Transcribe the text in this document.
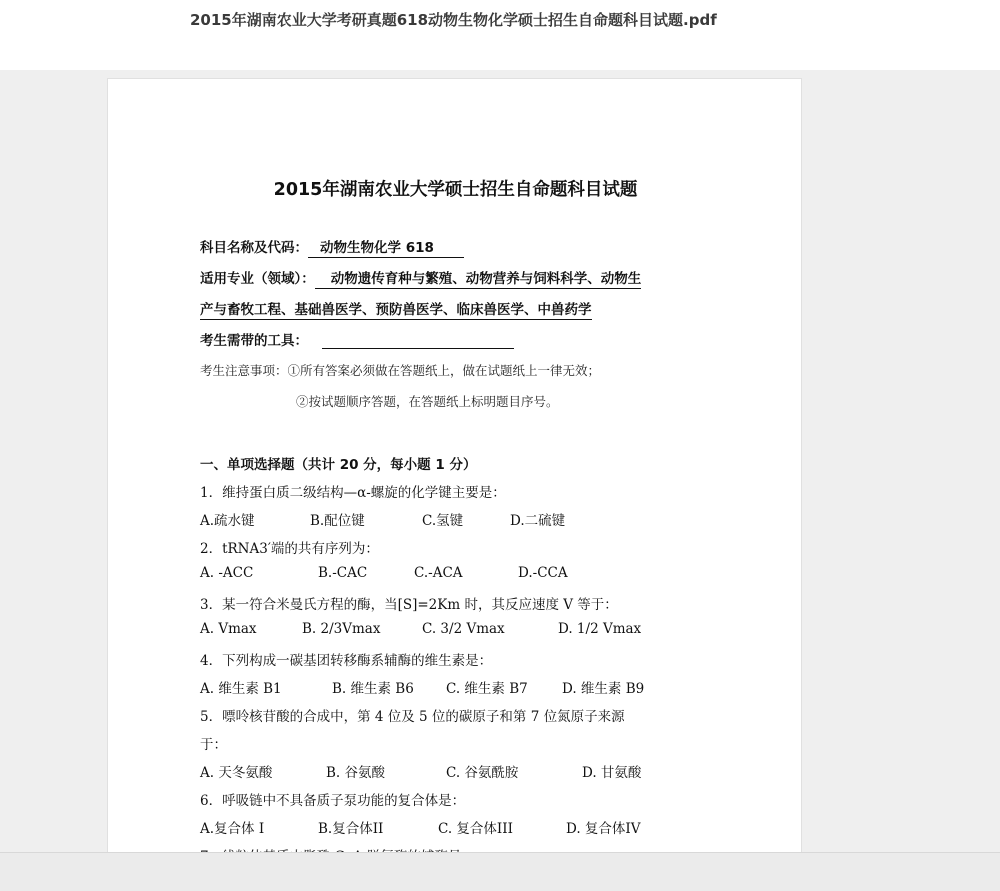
2015年湖南农业大学考研真题618动物生物化学硕士招生自命题科目试题.pdf
2015年湖南农业大学硕士招生自命题科目试题
科目名称及代码： 动物生物化学 618
适用专业（领域）： 动物遗传育种与繁殖、动物营养与饲料科学、动物生
产与畜牧工程、基础兽医学、预防兽医学、临床兽医学、中兽药学
考生需带的工具：
考生注意事项：①所有答案必须做在答题纸上，做在试题纸上一律无效；
②按试题顺序答题，在答题纸上标明题目序号。
一、单项选择题（共计 20 分，每小题 1 分）
1．维持蛋白质二级结构—α-螺旋的化学键主要是：
A.疏水键	B.配位键	C.氢键	D.二硫键
2．tRNA3′端的共有序列为：
A. -ACC	B.-CAC	C.-ACA	D.-CCA
3．某一符合米曼氏方程的酶，当[S]=2Km 时，其反应速度 V 等于：
A. Vmax	B. 2/3Vmax	C. 3/2 Vmax	D. 1/2 Vmax
4．下列构成一碳基团转移酶系辅酶的维生素是：
A. 维生素 B1	B. 维生素 B6 C. 维生素 B7	D. 维生素 B9
5．嘌呤核苷酸的合成中，第 4 位及 5 位的碳原子和第 7 位氮原子来源
于：
A. 天冬氨酸	B. 谷氨酸	C. 谷氨酰胺	D. 甘氨酸
6．呼吸链中不具备质子泵功能的复合体是：
A.复合体 I	B.复合体II	C. 复合体III	D. 复合体IV
